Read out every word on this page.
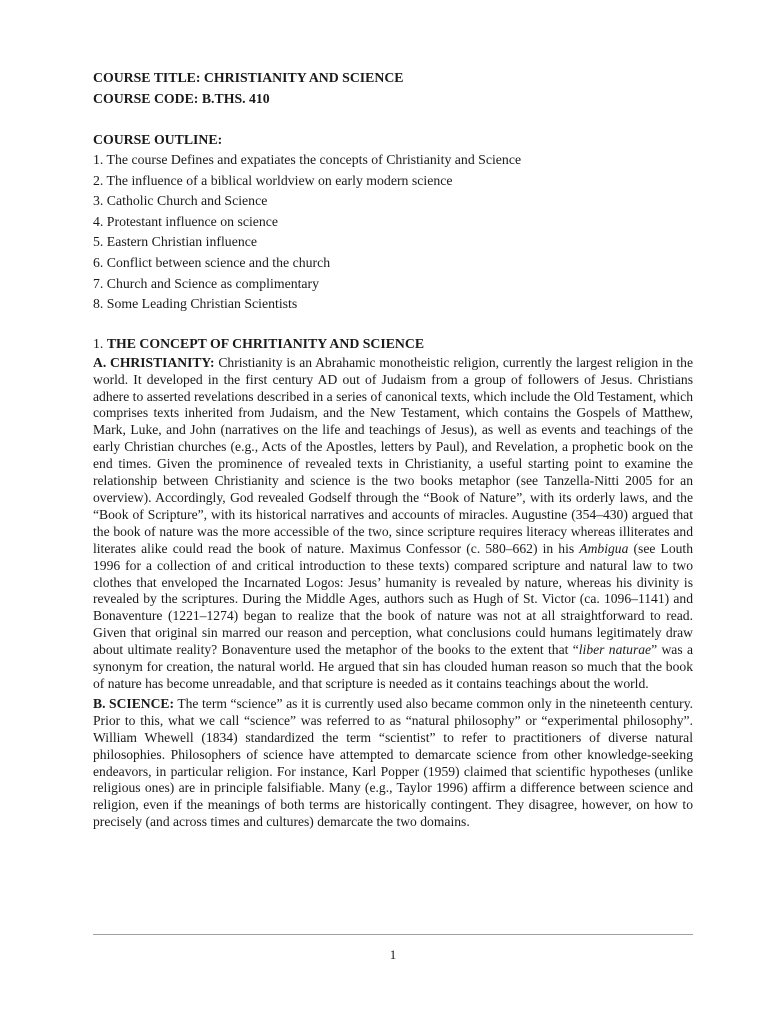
COURSE TITLE: CHRISTIANITY AND SCIENCE

COURSE CODE: B.THS. 410

COURSE OUTLINE:

1. The course Defines and expatiates the concepts of Christianity and Science
2. The influence of a biblical worldview on early modern science
3. Catholic Church and Science
4. Protestant influence on science
5. Eastern Christian influence
6. Conflict between science and the church
7. Church and Science as complimentary
8. Some Leading Christian Scientists

1. THE CONCEPT OF CHRITIANITY AND SCIENCE

A. CHRISTIANITY: Christianity is an Abrahamic monotheistic religion, currently the largest religion in the world. It developed in the first century AD out of Judaism from a group of followers of Jesus. Christians adhere to asserted revelations described in a series of canonical texts, which include the Old Testament, which comprises texts inherited from Judaism, and the New Testament, which contains the Gospels of Matthew, Mark, Luke, and John (narratives on the life and teachings of Jesus), as well as events and teachings of the early Christian churches (e.g., Acts of the Apostles, letters by Paul), and Revelation, a prophetic book on the end times. Given the prominence of revealed texts in Christianity, a useful starting point to examine the relationship between Christianity and science is the two books metaphor (see Tanzella-Nitti 2005 for an overview). Accordingly, God revealed Godself through the “Book of Nature”, with its orderly laws, and the “Book of Scripture”, with its historical narratives and accounts of miracles. Augustine (354–430) argued that the book of nature was the more accessible of the two, since scripture requires literacy whereas illiterates and literates alike could read the book of nature. Maximus Confessor (c. 580–662) in his Ambigua (see Louth 1996 for a collection of and critical introduction to these texts) compared scripture and natural law to two clothes that enveloped the Incarnated Logos: Jesus’ humanity is revealed by nature, whereas his divinity is revealed by the scriptures. During the Middle Ages, authors such as Hugh of St. Victor (ca. 1096–1141) and Bonaventure (1221–1274) began to realize that the book of nature was not at all straightforward to read. Given that original sin marred our reason and perception, what conclusions could humans legitimately draw about ultimate reality? Bonaventure used the metaphor of the books to the extent that “liber naturae” was a synonym for creation, the natural world. He argued that sin has clouded human reason so much that the book of nature has become unreadable, and that scripture is needed as it contains teachings about the world.

B. SCIENCE: The term “science” as it is currently used also became common only in the nineteenth century. Prior to this, what we call “science” was referred to as “natural philosophy” or “experimental philosophy”. William Whewell (1834) standardized the term “scientist” to refer to practitioners of diverse natural philosophies. Philosophers of science have attempted to demarcate science from other knowledge-seeking endeavors, in particular religion. For instance, Karl Popper (1959) claimed that scientific hypotheses (unlike religious ones) are in principle falsifiable. Many (e.g., Taylor 1996) affirm a difference between science and religion, even if the meanings of both terms are historically contingent. They disagree, however, on how to precisely (and across times and cultures) demarcate the two domains.

1
